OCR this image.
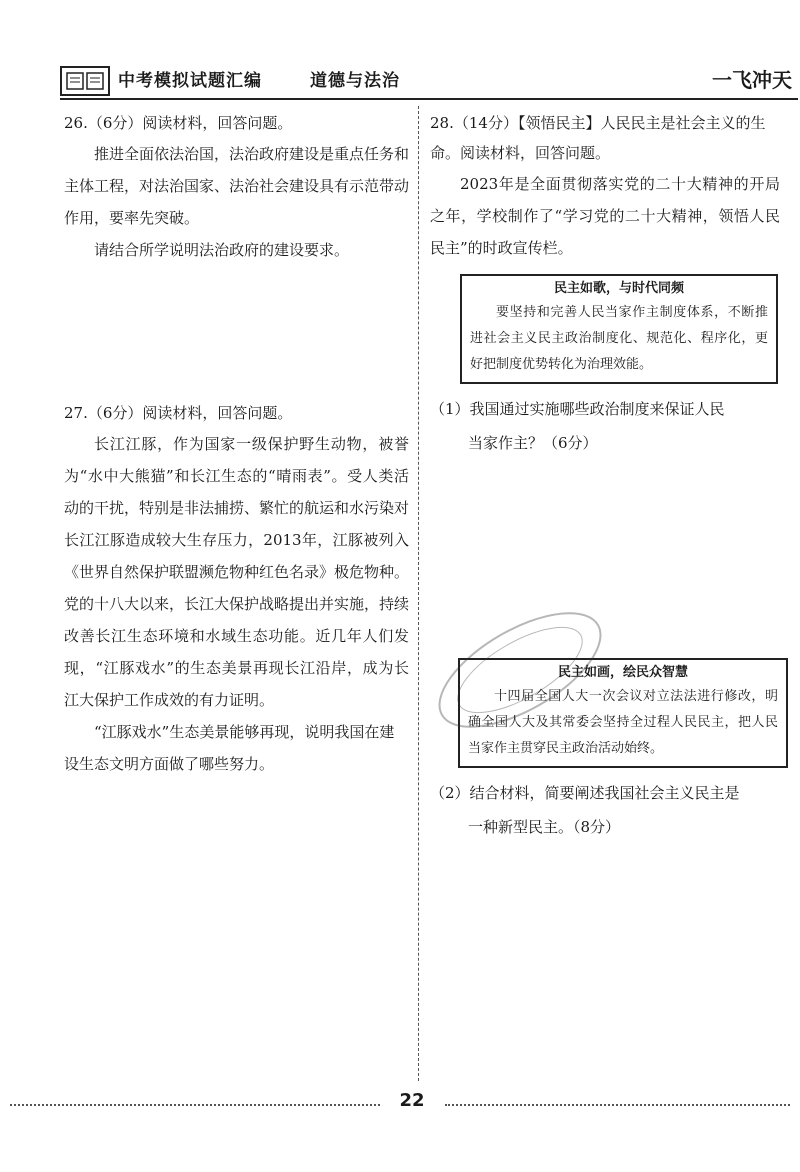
中考模拟试题汇编	道德与法治	一飞冲天
26.（6分）阅读材料，回答问题。

推进全面依法治国，法治政府建设是重点任务和主体工程，对法治国家、法治社会建设具有示范带动作用，要率先突破。

请结合所学说明法治政府的建设要求。

27.（6分）阅读材料，回答问题。

长江江豚，作为国家一级保护野生动物，被誉为“水中大熊猫”和长江生态的“晴雨表”。受人类活动的干扰，特别是非法捕捞、繁忙的航运和水污染对长江江豚造成较大生存压力，2013年，江豚被列入《世界自然保护联盟濒危物种红色名录》极危物种。党的十八大以来，长江大保护战略提出并实施，持续改善长江生态环境和水域生态功能。近几年人们发现，“江豚戏水”的生态美景再现长江沿岸，成为长江大保护工作成效的有力证明。

“江豚戏水”生态美景能够再现，说明我国在建设生态文明方面做了哪些努力。

28.（14分）【领悟民主】人民民主是社会主义的生命。阅读材料，回答问题。

2023年是全面贯彻落实党的二十大精神的开局之年，学校制作了“学习党的二十大精神，领悟人民民主”的时政宣传栏。

民主如歌，与时代同频

要坚持和完善人民当家作主制度体系，不断推进社会主义民主政治制度化、规范化、程序化，更好把制度优势转化为治理效能。

（1）我国通过实施哪些政治制度来保证人民
当家作主？（6分）

民主如画，绘民众智慧

十四届全国人大一次会议对立法法进行修改，明确全国人大及其常委会坚持全过程人民民主，把人民当家作主贯穿民主政治活动始终。

（2）结合材料，简要阐述我国社会主义民主是
一种新型民主。（8分）

22
